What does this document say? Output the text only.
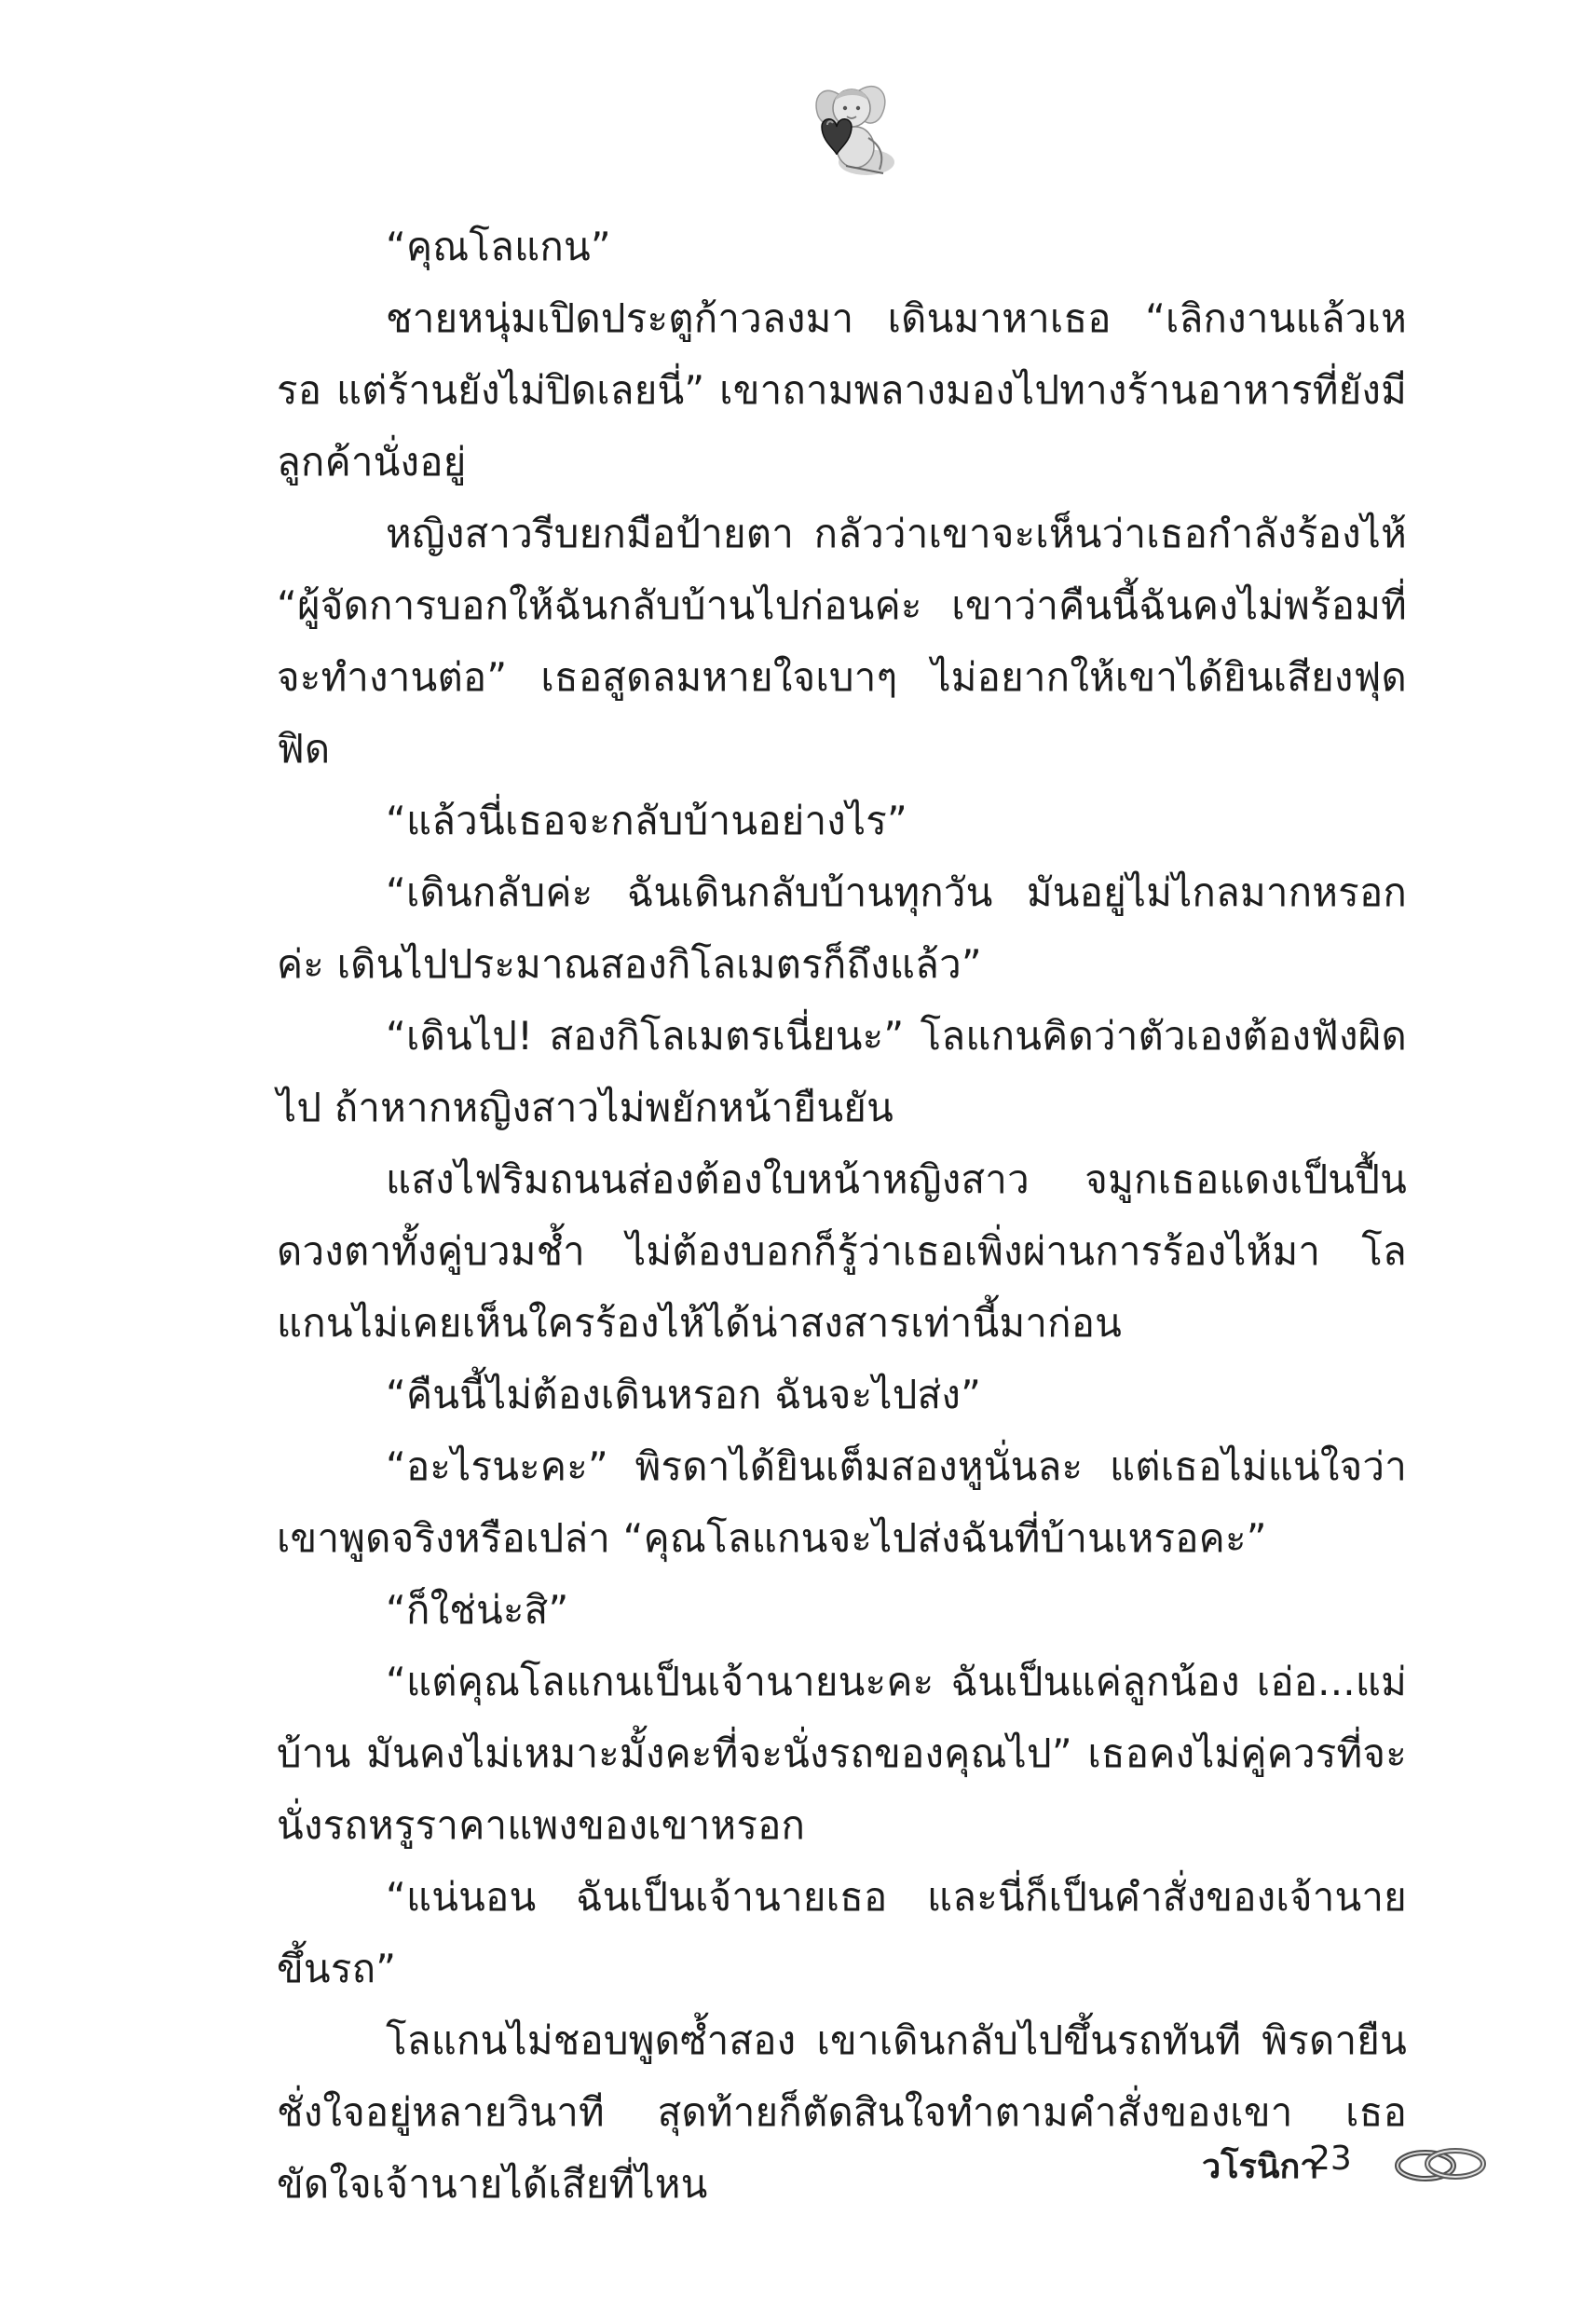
“คุณโลแกน”

ชายหนุ่มเปิดประตูก้าวลงมา เดินมาหาเธอ “เลิกงานแล้วเหรอ แต่ร้านยังไม่ปิดเลยนี่” เขาถามพลางมองไปทางร้านอาหารที่ยังมีลูกค้านั่งอยู่

หญิงสาวรีบยกมือป้ายตา กลัวว่าเขาจะเห็นว่าเธอกำลังร้องไห้ “ผู้จัดการบอกให้ฉันกลับบ้านไปก่อนค่ะ เขาว่าคืนนี้ฉันคงไม่พร้อมที่จะทำงานต่อ” เธอสูดลมหายใจเบาๆ ไม่อยากให้เขาได้ยินเสียงฟุดฟิด

“แล้วนี่เธอจะกลับบ้านอย่างไร”

“เดินกลับค่ะ ฉันเดินกลับบ้านทุกวัน มันอยู่ไม่ไกลมากหรอกค่ะ เดินไปประมาณสองกิโลเมตรก็ถึงแล้ว”

“เดินไป! สองกิโลเมตรเนี่ยนะ” โลแกนคิดว่าตัวเองต้องฟังผิดไป ถ้าหากหญิงสาวไม่พยักหน้ายืนยัน

แสงไฟริมถนนส่องต้องใบหน้าหญิงสาว จมูกเธอแดงเป็นปื้น ดวงตาทั้งคู่บวมช้ำ ไม่ต้องบอกก็รู้ว่าเธอเพิ่งผ่านการร้องไห้มา โลแกนไม่เคยเห็นใครร้องไห้ได้น่าสงสารเท่านี้มาก่อน

“คืนนี้ไม่ต้องเดินหรอก ฉันจะไปส่ง”

“อะไรนะคะ” พิรดาได้ยินเต็มสองหูนั่นละ แต่เธอไม่แน่ใจว่าเขาพูดจริงหรือเปล่า “คุณโลแกนจะไปส่งฉันที่บ้านเหรอคะ”

“ก็ใช่น่ะสิ”

“แต่คุณโลแกนเป็นเจ้านายนะคะ ฉันเป็นแค่ลูกน้อง เอ่อ...แม่บ้าน มันคงไม่เหมาะมั้งคะที่จะนั่งรถของคุณไป” เธอคงไม่คู่ควรที่จะนั่งรถหรูราคาแพงของเขาหรอก

“แน่นอน ฉันเป็นเจ้านายเธอ และนี่ก็เป็นคำสั่งของเจ้านาย ขึ้นรถ”

โลแกนไม่ชอบพูดซ้ำสอง เขาเดินกลับไปขึ้นรถทันที พิรดายืนชั่งใจอยู่หลายวินาที สุดท้ายก็ตัดสินใจทำตามคำสั่งของเขา เธอขัดใจเจ้านายได้เสียที่ไหน	วโรนิกา
23
